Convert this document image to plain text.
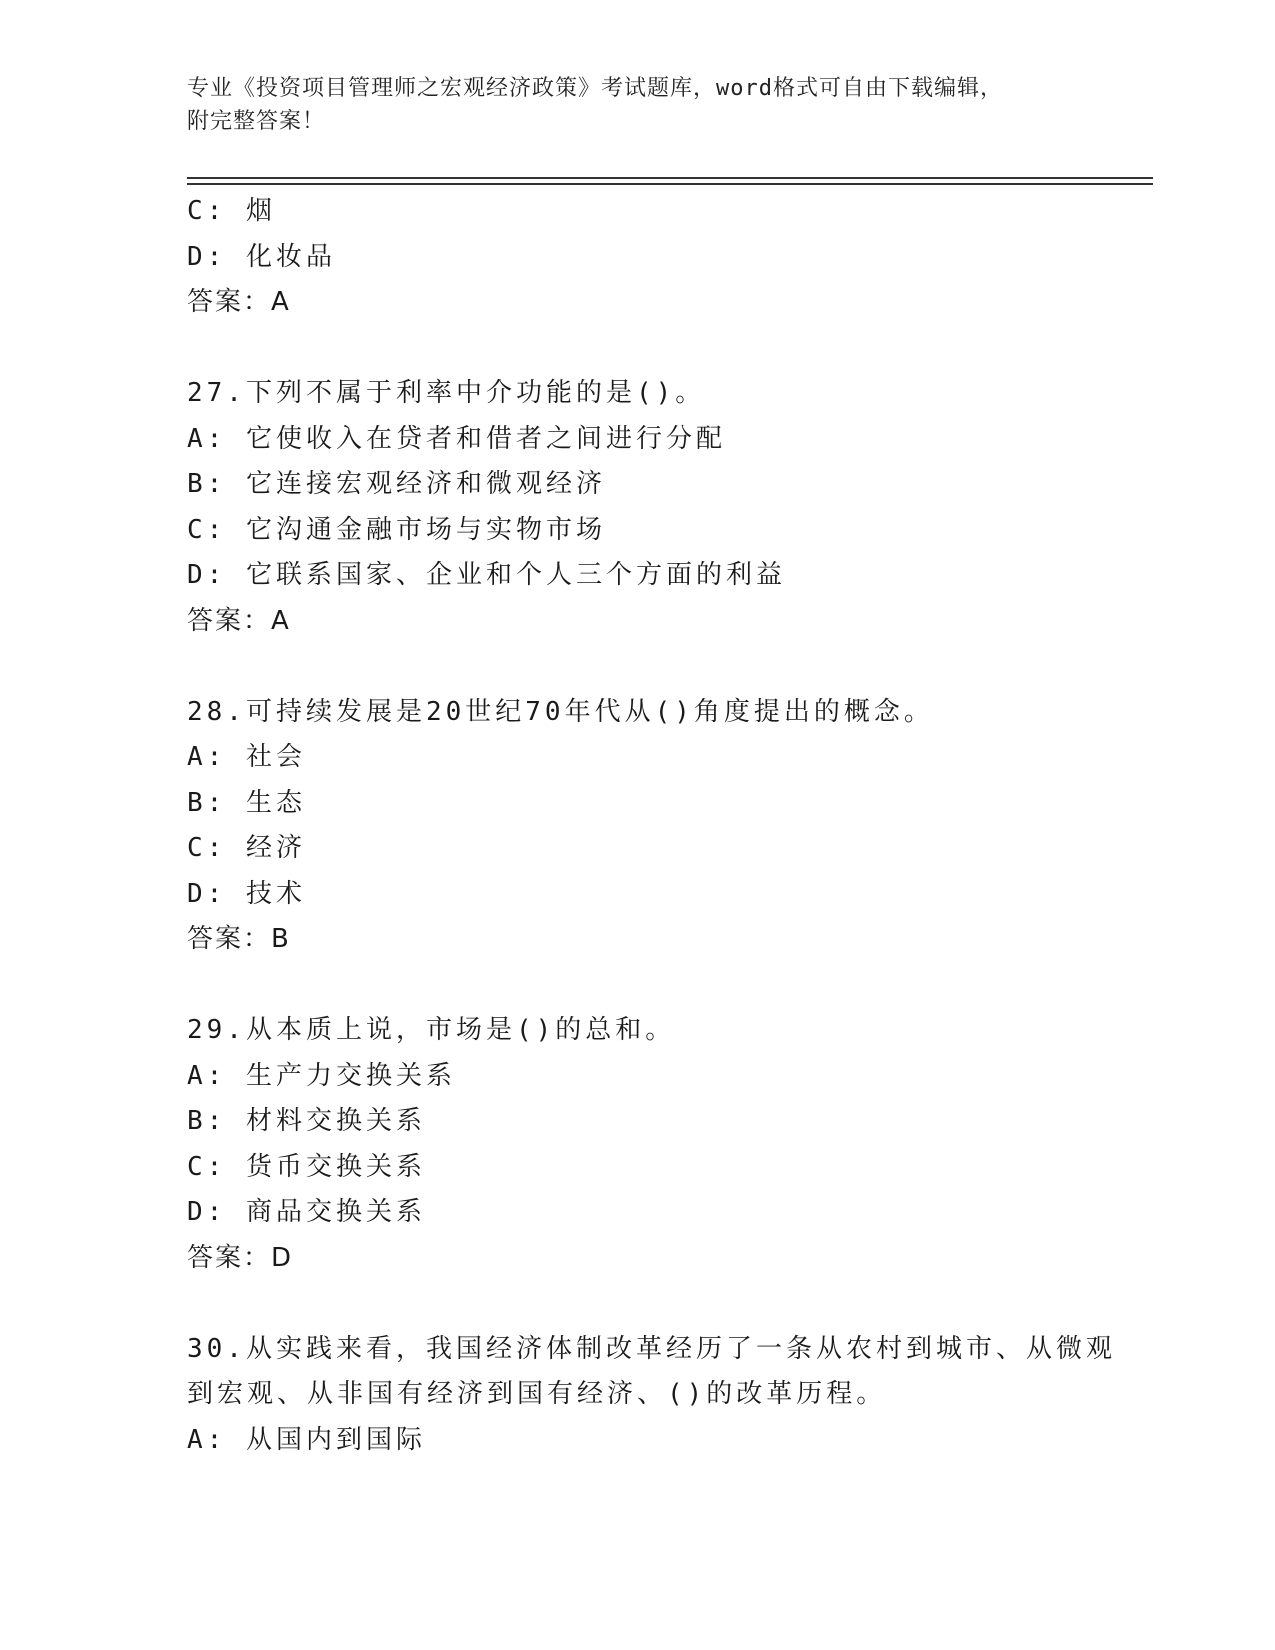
专业《投资项目管理师之宏观经济政策》考试题库，word格式可自由下载编辑，
附完整答案！
C: 烟
D: 化妆品
答案：A
27.下列不属于利率中介功能的是()。
A: 它使收入在贷者和借者之间进行分配
B: 它连接宏观经济和微观经济
C: 它沟通金融市场与实物市场
D: 它联系国家、企业和个人三个方面的利益
答案：A
28.可持续发展是20世纪70年代从()角度提出的概念。
A: 社会
B: 生态
C: 经济
D: 技术
答案：B
29.从本质上说，市场是()的总和。
A: 生产力交换关系
B: 材料交换关系
C: 货币交换关系
D: 商品交换关系
答案：D
30.从实践来看，我国经济体制改革经历了一条从农村到城市、从微观
到宏观、从非国有经济到国有经济、()的改革历程。
A: 从国内到国际
